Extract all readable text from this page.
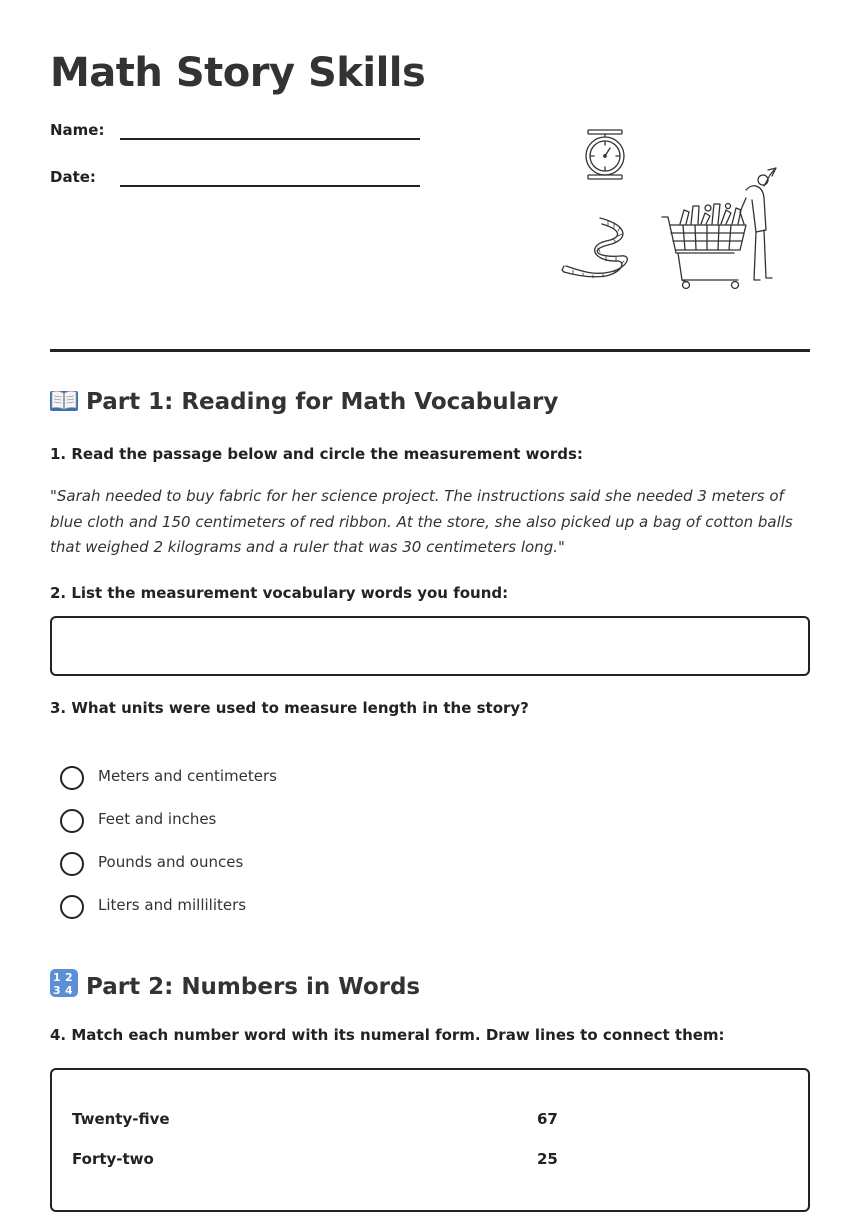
Math Story Skills
Name:
Date:
Part 1: Reading for Math Vocabulary

1. Read the passage below and circle the measurement words:

"Sarah needed to buy fabric for her science project. The instructions said she needed 3 meters of blue cloth and 150 centimeters of red ribbon. At the store, she also picked up a bag of cotton balls that weighed 2 kilograms and a ruler that was 30 centimeters long."

2. List the measurement vocabulary words you found:

3. What units were used to measure length in the story?

Meters and centimeters
Feet and inches
Pounds and ounces
Liters and milliliters
1 2
3 4 Part 2: Numbers in Words

4. Match each number word with its numeral form. Draw lines to connect them:

Twenty-five	67
Forty-two	25
